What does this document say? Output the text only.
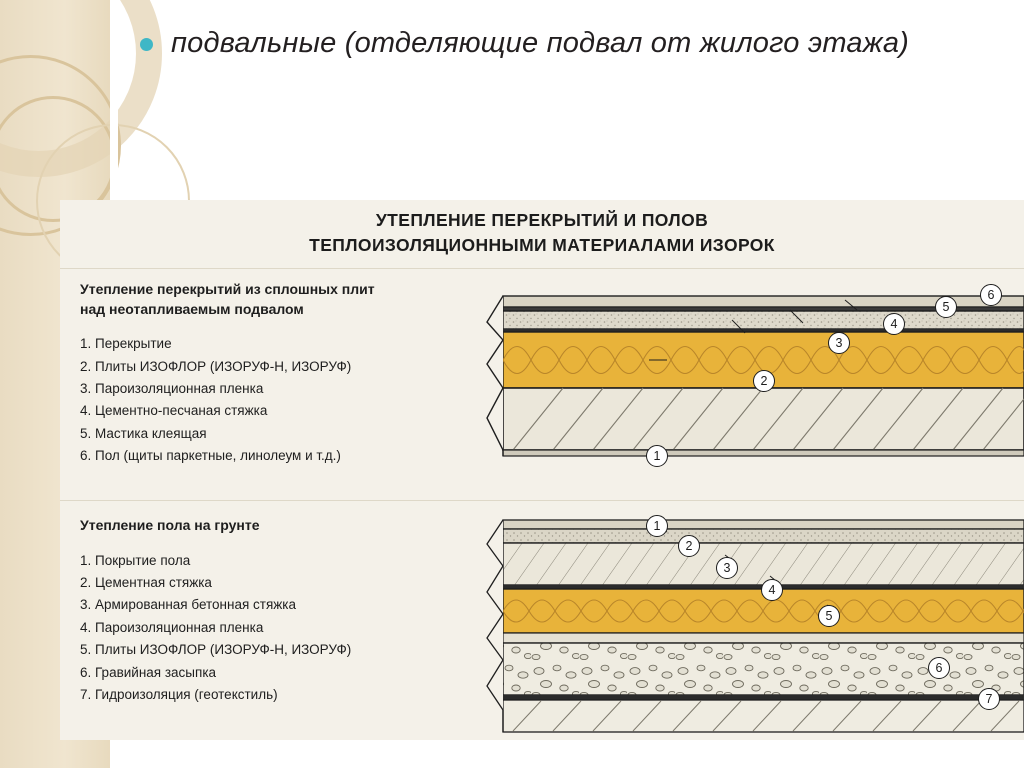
подвальные (отделяющие подвал от жилого этажа)
УТЕПЛЕНИЕ ПЕРЕКРЫТИЙ И ПОЛОВ
ТЕПЛОИЗОЛЯЦИОННЫМИ МАТЕРИАЛАМИ ИЗОРОК
Утепление перекрытий из сплошных плит
над неотапливаемым подвалом
1. Перекрытие
2. Плиты ИЗОФЛОР (ИЗОРУФ-Н, ИЗОРУФ)
3. Пароизоляционная пленка
4. Цементно-песчаная стяжка
5. Мастика клеящая
6. Пол (щиты паркетные, линолеум и т.д.)	1
2
3
4
5
6
Утепление пола на грунте
1. Покрытие пола
2. Цементная стяжка
3. Армированная бетонная стяжка
4. Пароизоляционная пленка
5. Плиты ИЗОФЛОР (ИЗОРУФ-Н, ИЗОРУФ)
6. Гравийная засыпка
7. Гидроизоляция (геотекстиль)
1
2
3
4
5
6
7
